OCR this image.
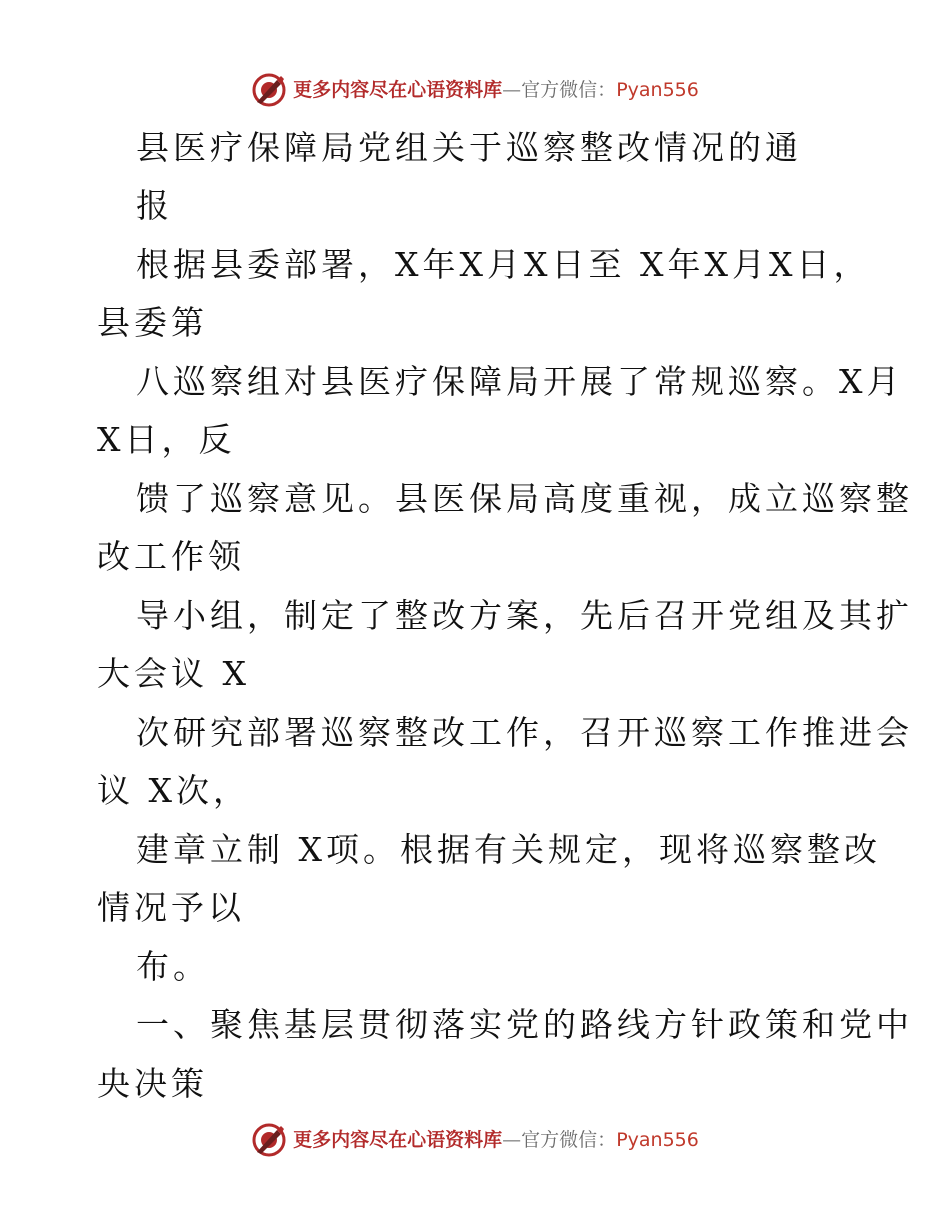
更多内容尽在心语资料库—官方微信：Pyan556
县医疗保障局党组关于巡察整改情况的通
报
根据县委部署，X年X月X日至 X年X月X日，
县委第
八巡察组对县医疗保障局开展了常规巡察。X月
X日，反
馈了巡察意见。县医保局高度重视，成立巡察整
改工作领
导小组，制定了整改方案，先后召开党组及其扩
大会议 X
次研究部署巡察整改工作，召开巡察工作推进会
议 X次，
建章立制 X项。根据有关规定，现将巡察整改
情况予以
布。
一、聚焦基层贯彻落实党的路线方针政策和党中
央决策
更多内容尽在心语资料库—官方微信：Pyan556
